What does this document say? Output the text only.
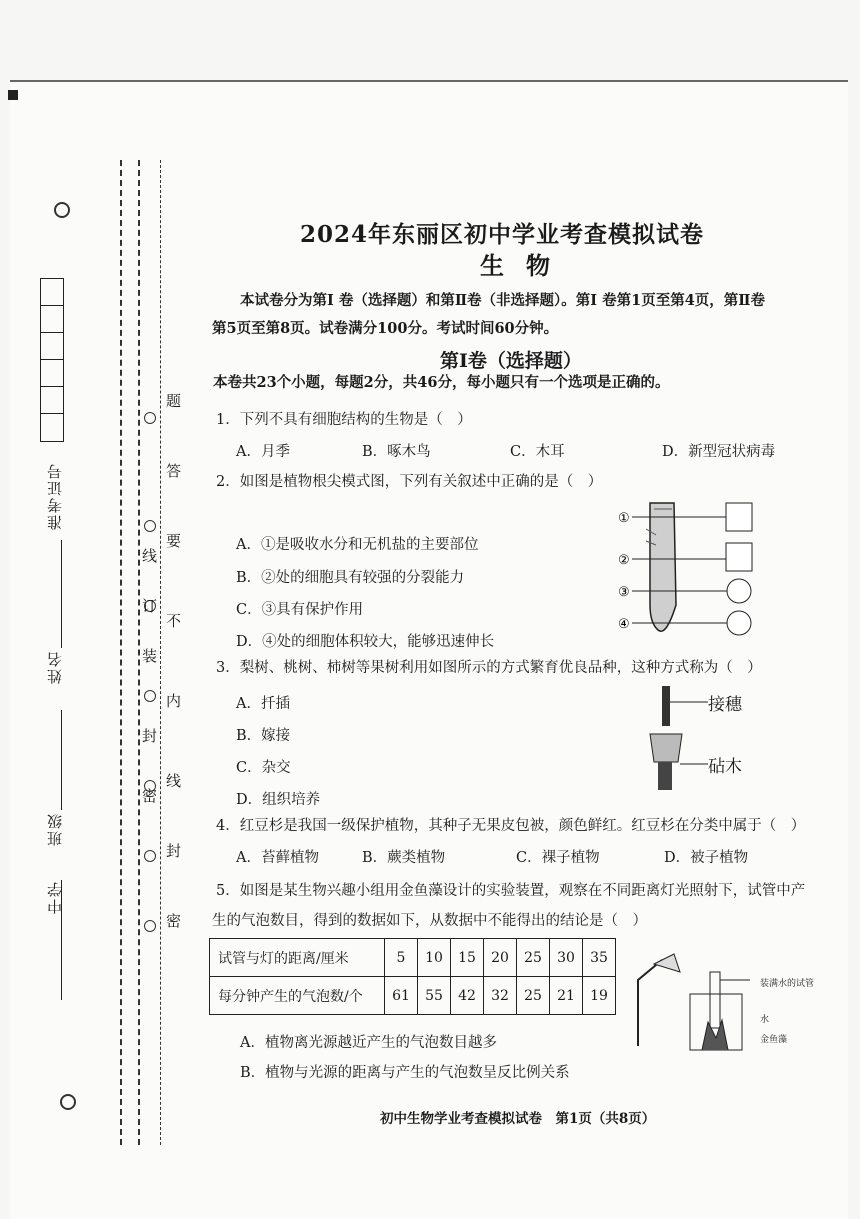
准考证号
姓名
班级
中学
题
答
要
不
内
线
封
密
线
订
装
封
密
2024年东丽区初中学业考查模拟试卷
生物
本试卷分为第Ⅰ 卷（选择题）和第Ⅱ卷（非选择题）。第Ⅰ 卷第1页至第4页，第Ⅱ卷
第5页至第8页。试卷满分100分。考试时间60分钟。
第Ⅰ卷（选择题）
本卷共23个小题，每题2分，共46分，每小题只有一个选项是正确的。
1．下列不具有细胞结构的生物是（　）
A．月季	B．啄木鸟	C．木耳	D．新型冠状病毒
2．如图是植物根尖模式图，下列有关叙述中正确的是（　）
A．①是吸收水分和无机盐的主要部位
B．②处的细胞具有较强的分裂能力
C．③具有保护作用
D．④处的细胞体积较大，能够迅速伸长
①
②
③
④
3．梨树、桃树、柿树等果树利用如图所示的方式繁育优良品种，这种方式称为（　）
A．扦插
B．嫁接
C．杂交
D．组织培养
接穗
砧木
4．红豆杉是我国一级保护植物，其种子无果皮包被，颜色鲜红。红豆杉在分类中属于（　）
A．苔藓植物	B．蕨类植物	C．裸子植物	D．被子植物
5．如图是某生物兴趣小组用金鱼藻设计的实验装置，观察在不同距离灯光照射下，试管中产
生的气泡数目，得到的数据如下，从数据中不能得出的结论是（　）
试管与灯的距离/厘米	5	10	15	20	25	30	35
每分钟产生的气泡数/个	61	55	42	32	25	21	19
装满水的试管
水
金鱼藻
A．植物离光源越近产生的气泡数目越多
B．植物与光源的距离与产生的气泡数呈反比例关系
初中生物学业考查模拟试卷　第1页（共8页）
